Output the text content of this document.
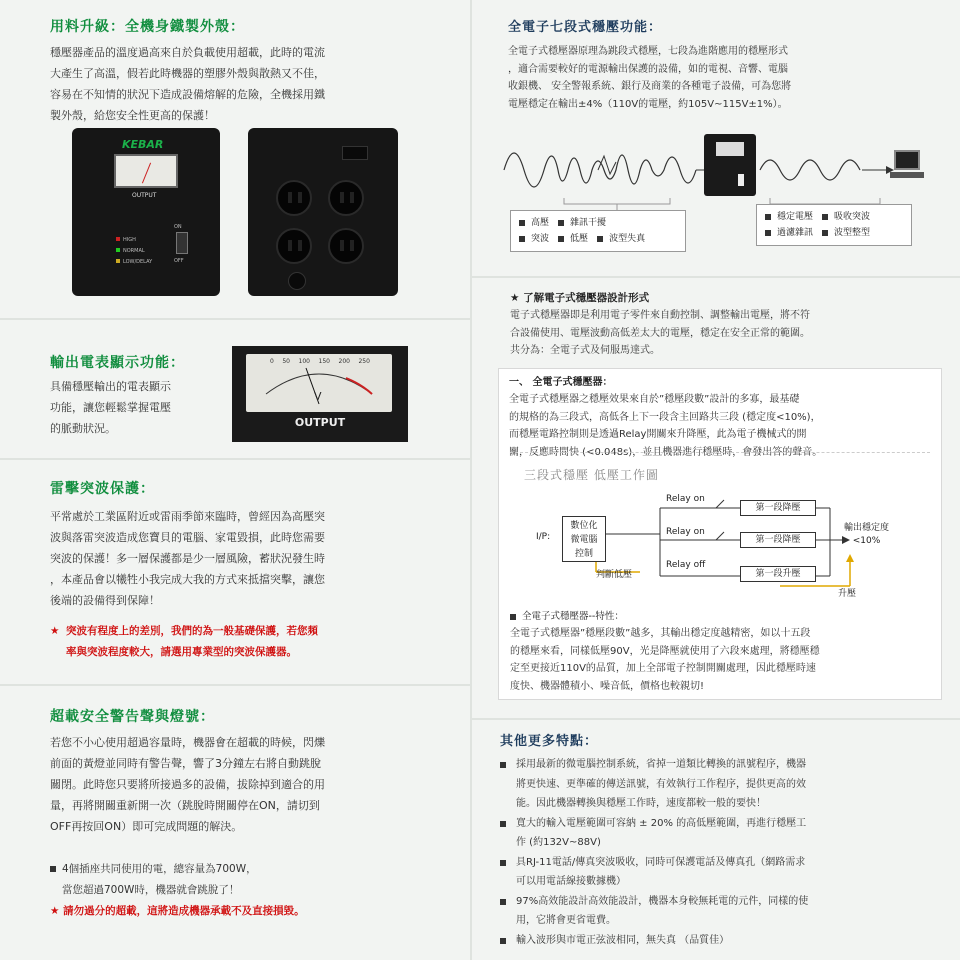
用料升級：全機身鐵製外殼：
穩壓器產品的溫度過高來自於負載使用超載，此時的電流
大產生了高溫，假若此時機器的塑膠外殼與散熱又不佳，
容易在不知情的狀況下造成設備熔解的危險，全機採用鐵
製外殼，給您安全性更高的保護！
KEBAR
OUTPUT
HIGH
NORMAL
LOW/DELAY
ON
OFF
輸出電表顯示功能：
具備穩壓輸出的電表顯示
功能，讓您輕鬆掌握電壓
的脈動狀況。
0 50 100 150 200 250
V
OUTPUT
雷擊突波保護：
平常處於工業區附近或雷雨季節來臨時，曾經因為高壓突
波與落雷突波造成您寶貝的電腦、家電毀損，此時您需要
突波的保護！多一層保護都是少一層風險，蓄狀況發生時
，本產品會以犧牲小我完成大我的方式來抵擋突擊，讓您
後端的設備得到保障！
★ 突波有程度上的差別，我們的為一般基礎保護，若您頻
率與突波程度較大，請選用專業型的突波保護器。
超載安全警告聲與燈號：
若您不小心使用超過容量時，機器會在超載的時候，閃爍
前面的黃燈並同時有警告聲，響了3分鐘左右將自動跳脫
關閉。此時您只要將所接過多的設備，拔除掉到適合的用
量，再將開關重新開一次（跳脫時開關停在ON，請切到
OFF再按回ON）即可完成問題的解決。
4個插座共同使用的電，總容量為700W，
當您超過700W時，機器就會跳脫了！
★ 請勿過分的超載，這將造成機器承載不及直接損毀。
全電子七段式穩壓功能：
全電子式穩壓器原理為跳段式穩壓，七段為進階應用的穩壓形式
，適合需要較好的電源輸出保護的設備，如的電視、音響、電腦
收銀機、 安全警報系統、銀行及商業的各種電子設備，可為您將
電壓穩定在輸出±4%（110V的電壓，約105V~115V±1%）。
高壓　 雜訊干擾
突波　 低壓　 波型失真
穩定電壓　 吸收突波
過濾雜訊　 波型整型
★ 了解電子式穩壓器設計形式
電子式穩壓器即是利用電子零件來自動控制、調整輸出電壓，將不符
合設備使用、電壓波動高低差太大的電壓，穩定在安全正常的範圍。
共分為：全電子式及伺服馬達式。
一、 全電子式穩壓器：
全電子式穩壓器之穩壓效果來自於”穩壓段數”設計的多寡，最基礎
的規格的為三段式，高低各上下一段含主回路共三段 (穩定度<10%)，
而穩壓電路控制則是透過Relay開關來升降壓，此為電子機械式的開
關，反應時間快 (<0.048s)，並且機器進行穩壓時，會發出答的聲音。
三段式穩壓 低壓工作圖
I/P:
數位化
微電腦
控制
Relay on
Relay on
Relay off
第一段降壓
第一段降壓
第一段升壓
判斷低壓
輸出穩定度
<10%
升壓
全電子式穩壓器--特性：
全電子式穩壓器”穩壓段數”越多，其輸出穩定度越精密，如以十五段
的穩壓來看，同樣低壓90V，光是降壓就使用了六段來處理，將穩壓穩
定至更接近110V的品質，加上全部電子控制開關處理，因此穩壓時速
度快、機器體積小、噪音低，價格也較親切!
其他更多特點：
採用最新的微電腦控制系統，省掉一道類比轉換的訊號程序，機器
將更快速、更準確的傳送訊號，有效執行工作程序，提供更高的效
能。因此機器轉換與穩壓工作時，速度都較一般的要快！
寬大的輸入電壓範圍可容納 ± 20% 的高低壓範圍，再進行穩壓工
作 (約132V~88V)
具RJ-11電話/傳真突波吸收，同時可保護電話及傳真孔（網路需求
可以用電話線接數據機）
97%高效能設計高效能設計，機器本身較無耗電的元件，同樣的使
用，它將會更省電費。
輸入波形與市電正弦波相同，無失真 （品質佳）
